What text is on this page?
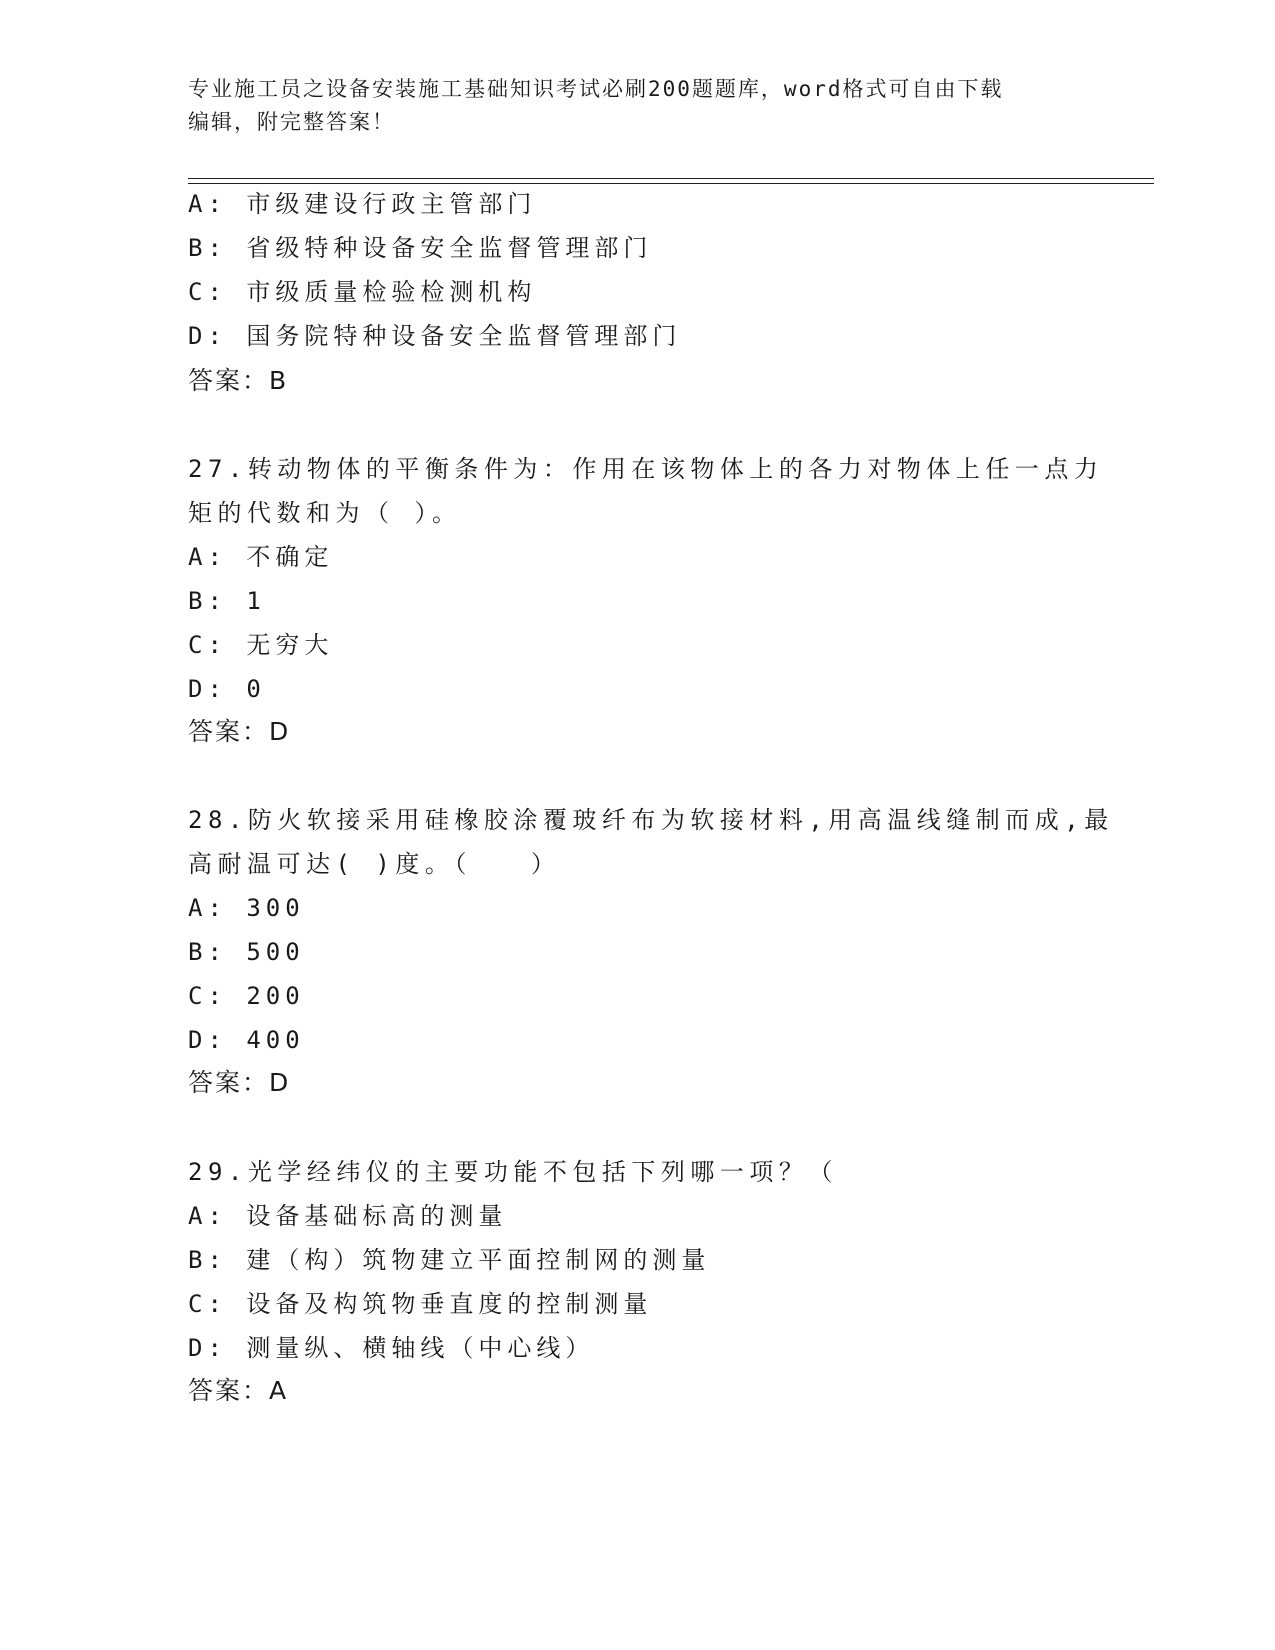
专业施工员之设备安装施工基础知识考试必刷200题题库，word格式可自由下载
编辑，附完整答案！
A: 市级建设行政主管部门
B: 省级特种设备安全监督管理部门
C: 市级质量检验检测机构
D: 国务院特种设备安全监督管理部门
答案：B
27.转动物体的平衡条件为：作用在该物体上的各力对物体上任一点力
矩的代数和为（ ）。
A: 不确定
B: 1
C: 无穷大
D: 0
答案：D
28.防火软接采用硅橡胶涂覆玻纤布为软接材料,用高温线缝制而成,最
高耐温可达( )度。（　　）
A: 300
B: 500
C: 200
D: 400
答案：D
29.光学经纬仪的主要功能不包括下列哪一项？（
A: 设备基础标高的测量
B: 建（构）筑物建立平面控制网的测量
C: 设备及构筑物垂直度的控制测量
D: 测量纵、横轴线（中心线）
答案：A
